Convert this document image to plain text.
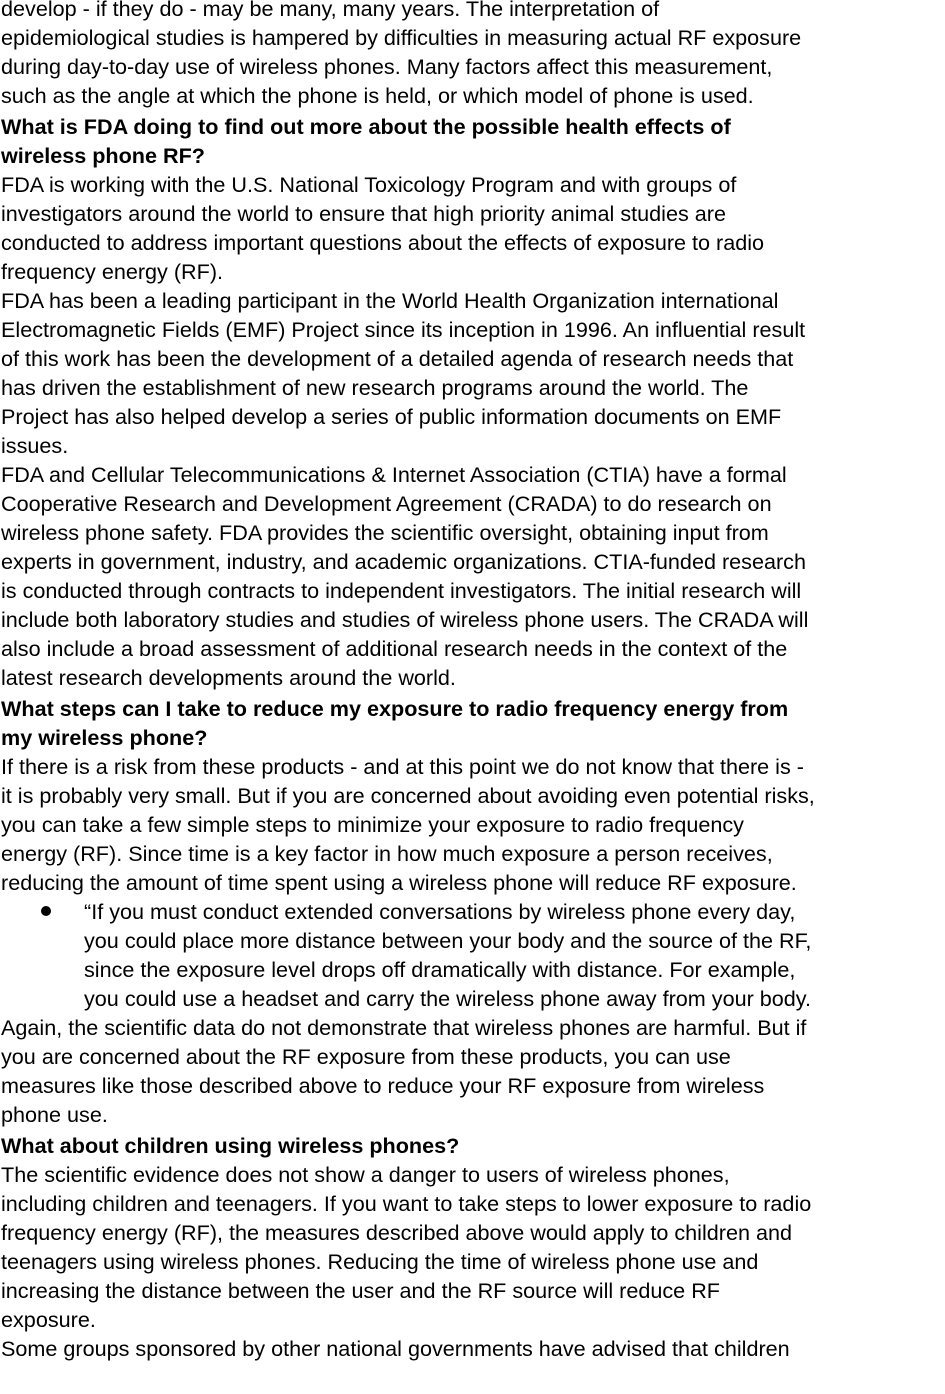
develop - if they do - may be many, many years. The interpretation of
epidemiological studies is hampered by difficulties in measuring actual RF exposure
during day-to-day use of wireless phones. Many factors affect this measurement,
such as the angle at which the phone is held, or which model of phone is used.

What is FDA doing to find out more about the possible health effects of
wireless phone RF?

FDA is working with the U.S. National Toxicology Program and with groups of
investigators around the world to ensure that high priority animal studies are
conducted to address important questions about the effects of exposure to radio
frequency energy (RF).

FDA has been a leading participant in the World Health Organization international
Electromagnetic Fields (EMF) Project since its inception in 1996. An influential result
of this work has been the development of a detailed agenda of research needs that
has driven the establishment of new research programs around the world. The
Project has also helped develop a series of public information documents on EMF
issues.

FDA and Cellular Telecommunications & Internet Association (CTIA) have a formal
Cooperative Research and Development Agreement (CRADA) to do research on
wireless phone safety. FDA provides the scientific oversight, obtaining input from
experts in government, industry, and academic organizations. CTIA-funded research
is conducted through contracts to independent investigators. The initial research will
include both laboratory studies and studies of wireless phone users. The CRADA will
also include a broad assessment of additional research needs in the context of the
latest research developments around the world.

What steps can I take to reduce my exposure to radio frequency energy from
my wireless phone?

If there is a risk from these products - and at this point we do not know that there is -
it is probably very small. But if you are concerned about avoiding even potential risks,
you can take a few simple steps to minimize your exposure to radio frequency
energy (RF). Since time is a key factor in how much exposure a person receives,
reducing the amount of time spent using a wireless phone will reduce RF exposure.

“If you must conduct extended conversations by wireless phone every day,
you could place more distance between your body and the source of the RF,
since the exposure level drops off dramatically with distance. For example,
you could use a headset and carry the wireless phone away from your body.

Again, the scientific data do not demonstrate that wireless phones are harmful. But if
you are concerned about the RF exposure from these products, you can use
measures like those described above to reduce your RF exposure from wireless
phone use.

What about children using wireless phones?

The scientific evidence does not show a danger to users of wireless phones,
including children and teenagers. If you want to take steps to lower exposure to radio
frequency energy (RF), the measures described above would apply to children and
teenagers using wireless phones. Reducing the time of wireless phone use and
increasing the distance between the user and the RF source will reduce RF
exposure.

Some groups sponsored by other national governments have advised that children
